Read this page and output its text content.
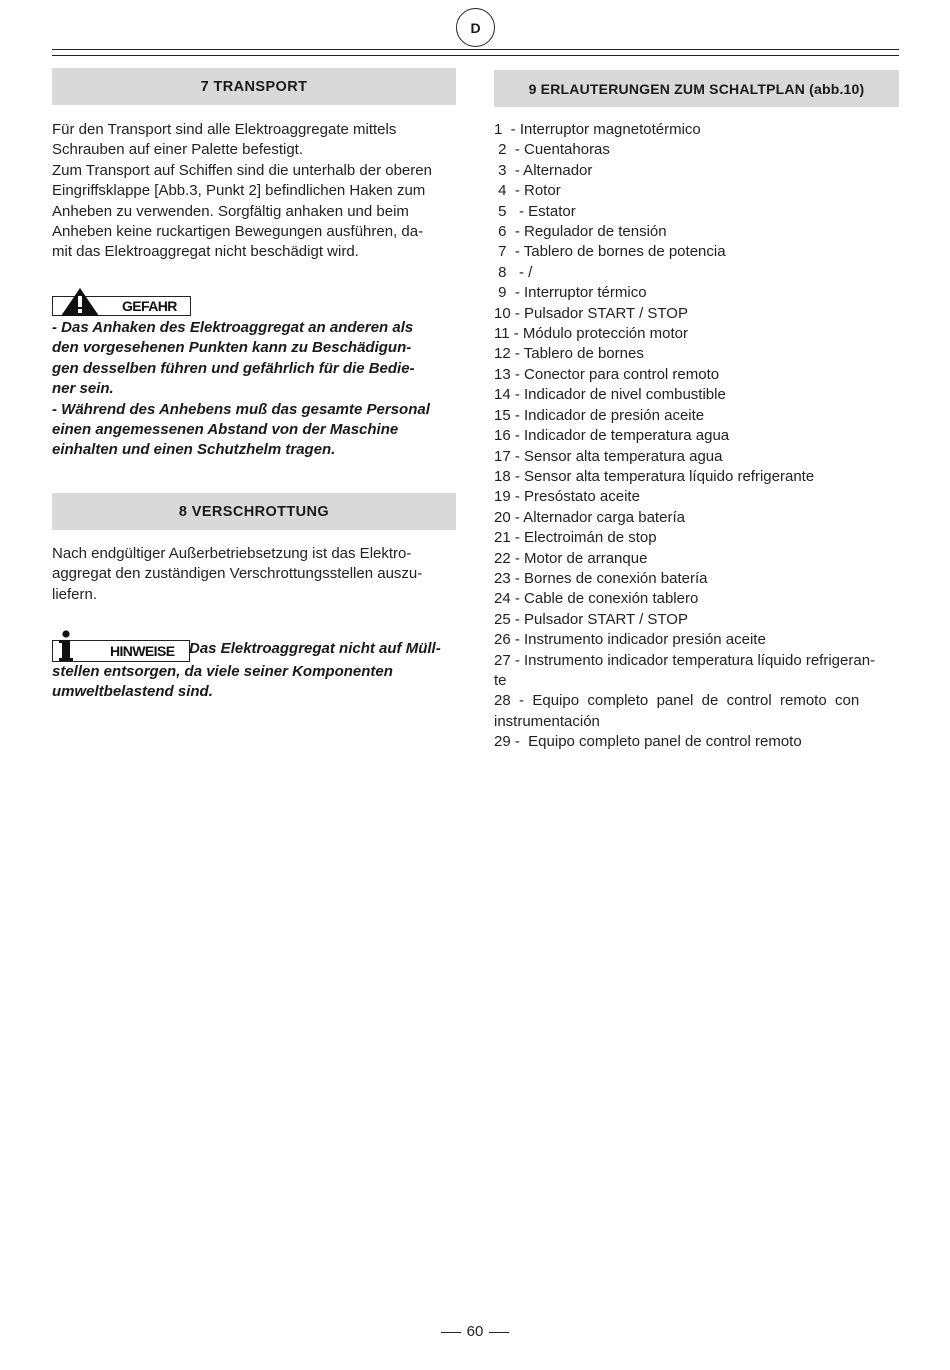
D
7 TRANSPORT
Für den Transport sind alle Elektroaggregate mittels
Schrauben auf einer Palette befestigt.
Zum Transport auf Schiffen sind die unterhalb der oberen
Eingriffsklappe [Abb.3, Punkt 2] befindlichen Haken zum
Anheben zu verwenden. Sorgfältig anhaken und beim
Anheben keine ruckartigen Bewegungen ausführen, da-
mit das Elektroaggregat nicht beschädigt wird.
GEFAHR
- Das Anhaken des Elektroaggregat an anderen als
den vorgesehenen Punkten kann zu Beschädigun-
gen desselben führen und gefährlich für die Bedie-
ner sein.
- Während des Anhebens muß das gesamte Personal
einen angemessenen Abstand von der Maschine
einhalten und einen Schutzhelm tragen.
8 VERSCHROTTUNG
Nach endgültiger Außerbetriebsetzung ist das Elektro-
aggregat den zuständigen Verschrottungsstellen auszu-
liefern.
HINWEISE Das Elektroaggregat nicht auf Müll-
stellen entsorgen, da viele seiner Komponenten
umweltbelastend sind.
9 ERLAUTERUNGEN ZUM SCHALTPLAN (abb.10)
1  - Interruptor magnetotérmico
2  - Cuentahoras
3  - Alternador
4  - Rotor
5   - Estator
6  - Regulador de tensión
7  - Tablero de bornes de potencia
8   - /
9  - Interruptor térmico
10 - Pulsador START / STOP
11 - Módulo protección motor
12 - Tablero de bornes
13 - Conector para control remoto
14 - Indicador de nivel combustible
15 - Indicador de presión aceite
16 - Indicador de temperatura agua
17 - Sensor alta temperatura agua
18 - Sensor alta temperatura líquido refrigerante
19 - Presóstato aceite
20 - Alternador carga batería
21 - Electroimán de stop
22 - Motor de arranque
23 - Bornes de conexión batería
24 - Cable de conexión tablero
25 - Pulsador START / STOP
26 - Instrumento indicador presión aceite
27 - Instrumento indicador temperatura líquido refrigeran-
te
28  -  Equipo  completo  panel  de  control  remoto  con
instrumentación
29 -  Equipo completo panel de control remoto
60
